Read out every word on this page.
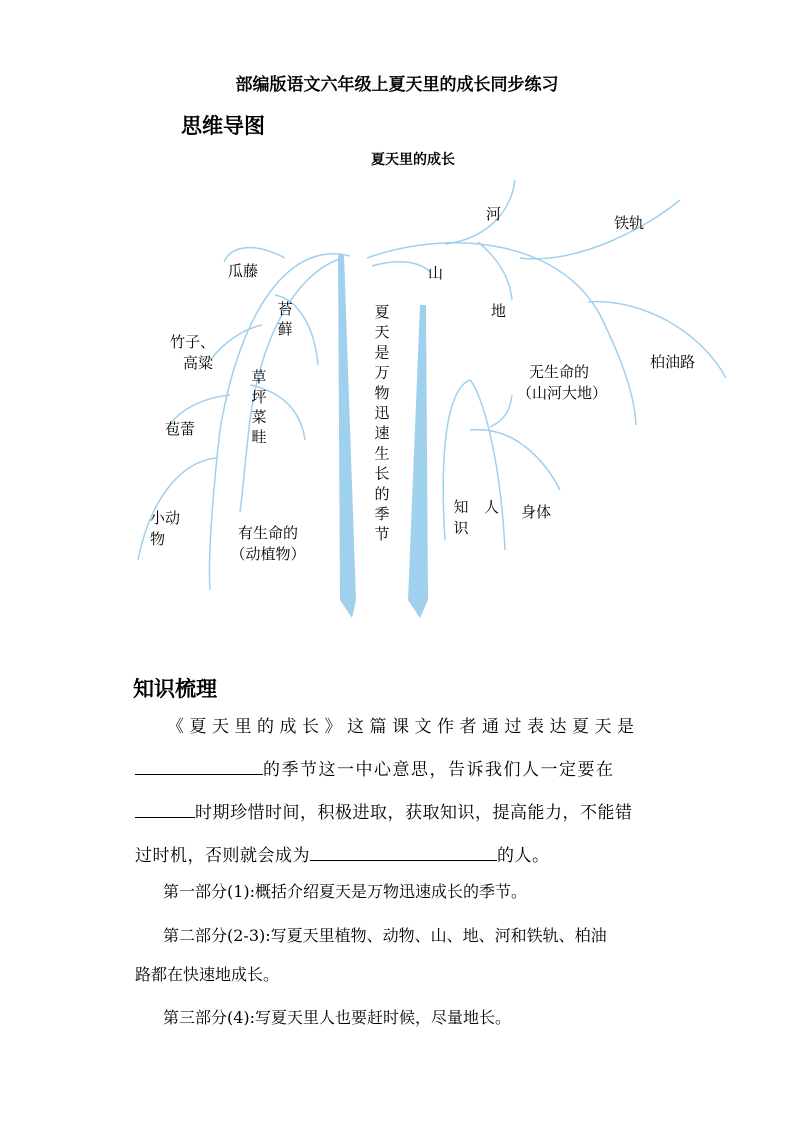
部编版语文六年级上夏天里的成长同步练习
思维导图
夏天里的成长
夏
天
是
万
物
迅
速
生
长
的
季
节
瓜藤
竹子、
高粱
苞蕾
小动
物
苔
藓
草
坪
菜
畦
有生命的
（动植物）
河	铁轨
山
地
柏油路
无生命的
（山河大地）
人
知
识
身体
知识梳理
《夏天里的成长》这篇课文作者通过表达夏天是
的季节这一中心意思，告诉我们人一定要在
时期珍惜时间，积极进取，获取知识，提高能力，不能错
过时机，否则就会成为	的人。
第一部分(1):概括介绍夏天是万物迅速成长的季节。
第二部分(2-3):写夏天里植物、动物、山、地、河和铁轨、柏油
路都在快速地成长。
第三部分(4):写夏天里人也要赶时候，尽量地长。
